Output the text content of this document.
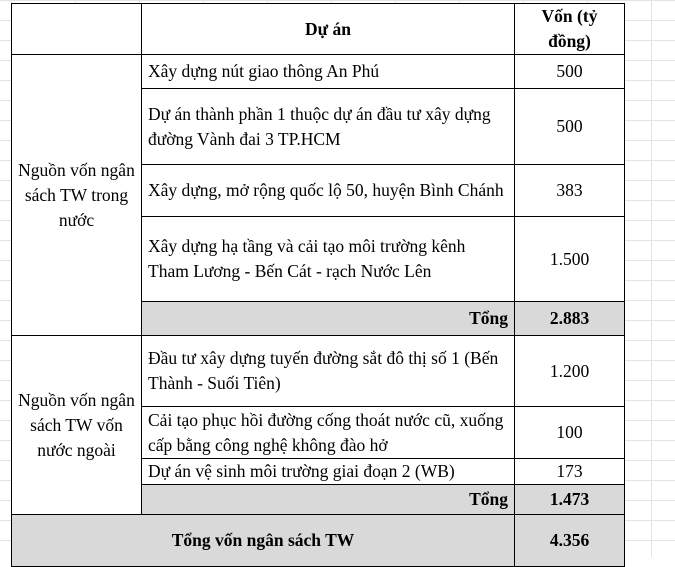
	Dự án	Vốn (tỷ đồng)
Nguồn vốn ngân sách TW trong nước	Xây dựng nút giao thông An Phú	500
	Dự án thành phần 1 thuộc dự án đầu tư xây dựng đường Vành đai 3 TP.HCM	500
	Xây dựng, mở rộng quốc lộ 50, huyện Bình Chánh	383
	Xây dựng hạ tầng và cải tạo môi trường kênh Tham Lương - Bến Cát - rạch Nước Lên	1.500
	Tổng	2.883
Nguồn vốn ngân sách TW vốn nước ngoài	Đầu tư xây dựng tuyến đường sắt đô thị số 1 (Bến Thành - Suối Tiên)	1.200
	Cải tạo phục hồi đường cống thoát nước cũ, xuống cấp bằng công nghệ không đào hở	100
	Dự án vệ sinh môi trường giai đoạn 2 (WB)	173
	Tổng	1.473
Tổng vốn ngân sách TW		4.356
